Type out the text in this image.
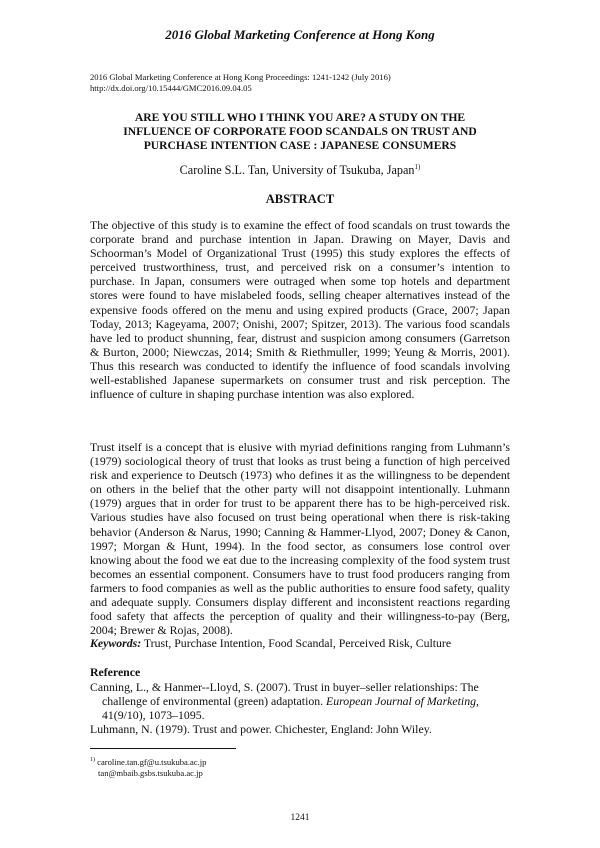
2016 Global Marketing Conference at Hong Kong
2016 Global Marketing Conference at Hong Kong Proceedings: 1241-1242 (July 2016)
http://dx.doi.org/10.15444/GMC2016.09.04.05
ARE YOU STILL WHO I THINK YOU ARE? A STUDY ON THE
INFLUENCE OF CORPORATE FOOD SCANDALS ON TRUST AND
PURCHASE INTENTION CASE : JAPANESE CONSUMERS
Caroline S.L. Tan, University of Tsukuba, Japan$^{1)}$
ABSTRACT

The objective of this study is to examine the effect of food scandals on trust towards the corporate brand and purchase intention in Japan. Drawing on Mayer, Davis and Schoorman’s Model of Organizational Trust (1995) this study explores the effects of perceived trustworthiness, trust, and perceived risk on a consumer’s intention to purchase. In Japan, consumers were outraged when some top hotels and department stores were found to have mislabeled foods, selling cheaper alternatives instead of the expensive foods offered on the menu and using expired products (Grace, 2007; Japan Today, 2013; Kageyama, 2007; Onishi, 2007; Spitzer, 2013). The various food scandals have led to product shunning, fear, distrust and suspicion among consumers (Garretson & Burton, 2000; Niewczas, 2014; Smith & Riethmuller, 1999; Yeung & Morris, 2001). Thus this research was conducted to identify the influence of food scandals involving well-established Japanese supermarkets on consumer trust and risk perception. The influence of culture in shaping purchase intention was also explored.

Trust itself is a concept that is elusive with myriad definitions ranging from Luhmann’s (1979) sociological theory of trust that looks as trust being a function of high perceived risk and experience to Deutsch (1973) who defines it as the willingness to be dependent on others in the belief that the other party will not disappoint intentionally. Luhmann (1979) argues that in order for trust to be apparent there has to be high-perceived risk. Various studies have also focused on trust being operational when there is risk-taking behavior (Anderson & Narus, 1990; Canning & Hammer-Llyod, 2007; Doney & Canon, 1997; Morgan & Hunt, 1994). In the food sector, as consumers lose control over knowing about the food we eat due to the increasing complexity of the food system trust becomes an essential component. Consumers have to trust food producers ranging from farmers to food companies as well as the public authorities to ensure food safety, quality and adequate supply. Consumers display different and inconsistent reactions regarding food safety that affects the perception of quality and their willingness-to-pay (Berg, 2004; Brewer & Rojas, 2008).

Keywords: Trust, Purchase Intention, Food Scandal, Perceived Risk, Culture
Reference

Canning, L., & Hanmer--Lloyd, S. (2007). Trust in buyer–seller relationships: The challenge of environmental (green) adaptation. European Journal of Marketing, 41(9/10), 1073–1095.

Luhmann, N. (1979). Trust and power. Chichester, England: John Wiley.

$^{1)}$ caroline.tan.gf@u.tsukuba.ac.jp
tan@mbaib.gsbs.tsukuba.ac.jp
1241
